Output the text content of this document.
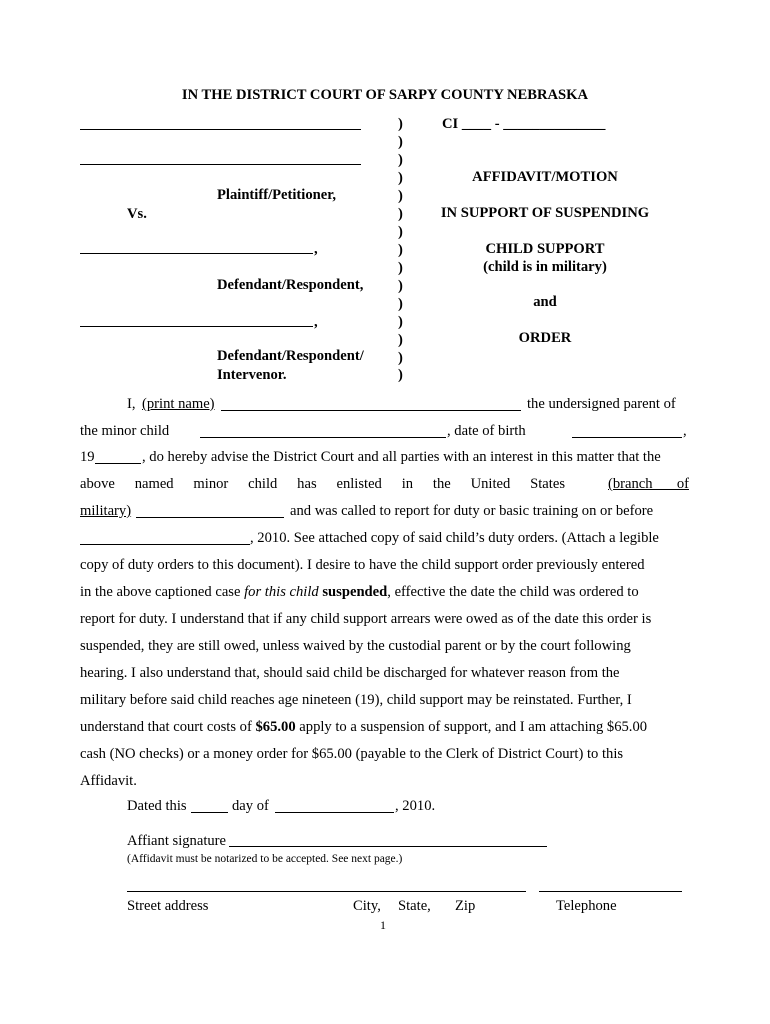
IN THE DISTRICT COURT OF SARPY COUNTY NEBRASKA
Plaintiff/Petitioner,
Vs.
,
Defendant/Respondent,
,
Defendant/Respondent/
Intervenor.
)
)
)
)
)
)
)
)
)
)
)
)
)
)
)
CI ____ - ______________
AFFIDAVIT/MOTION
IN SUPPORT OF SUSPENDING
CHILD SUPPORT
(child is in military)
and
ORDER
I, (print name)	the undersigned parent of
the minor child	, date of birth	,
19	, do hereby advise the District Court and all parties with an interest in this matter that the
above named minor child has enlisted in the United States	(branch of
military)	and was called to report for duty or basic training on or before
, 2010. See attached copy of said child’s duty orders. (Attach a legible
copy of duty orders to this document). I desire to have the child support order previously entered
in the above captioned case for this child suspended, effective the date the child was ordered to
report for duty. I understand that if any child support arrears were owed as of the date this order is
suspended, they are still owed, unless waived by the custodial parent or by the court following
hearing. I also understand that, should said child be discharged for whatever reason from the
military before said child reaches age nineteen (19), child support may be reinstated. Further, I
understand that court costs of $65.00 apply to a suspension of support, and I am attaching $65.00
cash (NO checks) or a money order for $65.00 (payable to the Clerk of District Court) to this
Affidavit.
Dated this	day of	, 2010.
Affiant signature
(Affidavit must be notarized to be accepted. See next page.)
Street address	City, State, Zip	Telephone
1
